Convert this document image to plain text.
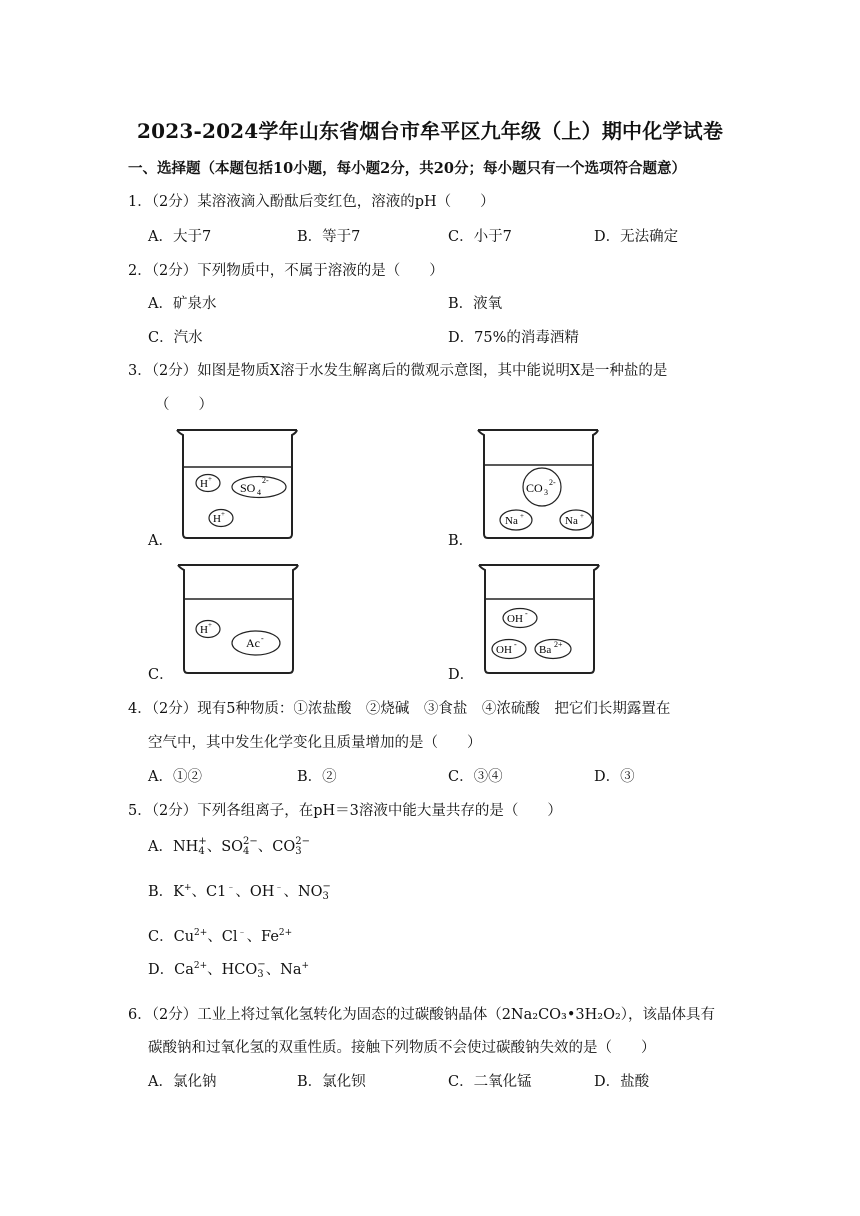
2023-2024学年山东省烟台市牟平区九年级（上）期中化学试卷
一、选择题（本题包括10小题，每小题2分，共20分；每小题只有一个选项符合题意）
1．（2分）某溶液滴入酚酞后变红色，溶液的pH（　　）
A．大于7	B．等于7	C．小于7	D．无法确定
2．（2分）下列物质中，不属于溶液的是（　　）
A．矿泉水	B．液氧
C．汽水	D．75%的消毒酒精
3．（2分）如图是物质X溶于水发生解离后的微观示意图，其中能说明X是一种盐的是
（　　）
A．
H +
SO 4
2-
H +
B．
CO 3
2-
Na +	Na +
C．
H +
Ac -
D．
OH -
OH - Ba 2+
4．（2分）现有5种物质：①浓盐酸　②烧碱　③食盐　④浓硫酸　把它们长期露置在
空气中，其中发生化学变化且质量增加的是（　　）
A．①②	B．②	C．③④	D．③
5．（2分）下列各组离子，在pH＝3溶液中能大量共存的是（　　）
A．NH +
4 、SO 2−
4 、CO 2−
3
B．K+、C1﹣、OH﹣、NO −
3
C．$Cu^{2+}$、Cl﹣、$Fe^{2+}$
D．$Ca^{2+}$、HCO −
3 、Na+
6．（2分）工业上将过氧化氢转化为固态的过碳酸钠晶体（2Na₂CO₃•3H₂O₂），该晶体具有
碳酸钠和过氧化氢的双重性质。接触下列物质不会使过碳酸钠失效的是（　　）
A．氯化钠	B．氯化钡	C．二氧化锰	D．盐酸
